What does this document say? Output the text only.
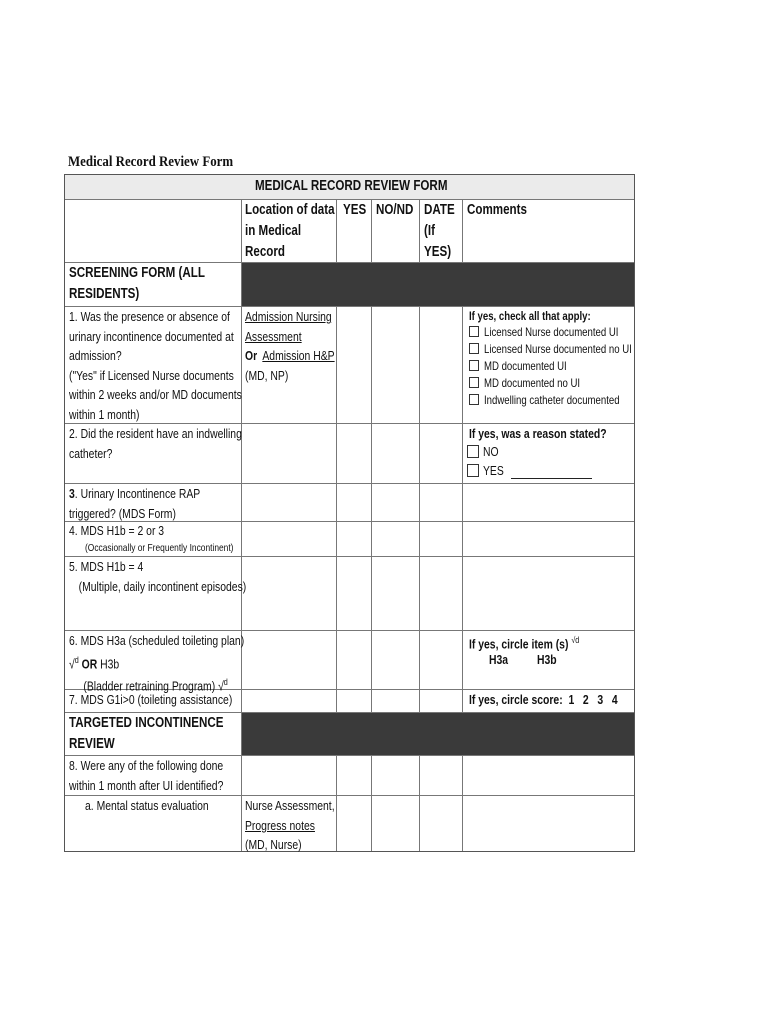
Medical Record Review Form
MEDICAL RECORD REVIEW FORM
Location of data
in Medical
Record
YES NO/ND DATE
(If
YES)
Comments
SCREENING FORM (ALL
RESIDENTS)
1. Was the presence or absence of
urinary incontinence documented at
admission?
("Yes" if Licensed Nurse documents
within 2 weeks and/or MD documents
within 1 month)
Admission Nursing
Assessment
Or Admission H&P
(MD, NP)
If yes, check all that apply:
Licensed Nurse documented UI
Licensed Nurse documented no UI
MD documented UI
MD documented no UI
Indwelling catheter documented
2. Did the resident have an indwelling
catheter?
If yes, was a reason stated?
NO
YES
3. Urinary Incontinence RAP
triggered? (MDS Form)
4. MDS H1b = 2 or 3
(Occasionally or Frequently Incontinent)
5. MDS H1b = 4
(Multiple, daily incontinent episodes)
6. MDS H3a (scheduled toileting plan)
√$^d$ OR H3b
(Bladder retraining Program) √$^d$
If yes, circle item (s) $^{√d}$
H3a H3b
7. MDS G1i>0 (toileting assistance)	If yes, circle score: 1 2 3 4
TARGETED INCONTINENCE
REVIEW
8. Were any of the following done
within 1 month after UI identified?
a. Mental status evaluation	Nurse Assessment,
Progress notes
(MD, Nurse)
